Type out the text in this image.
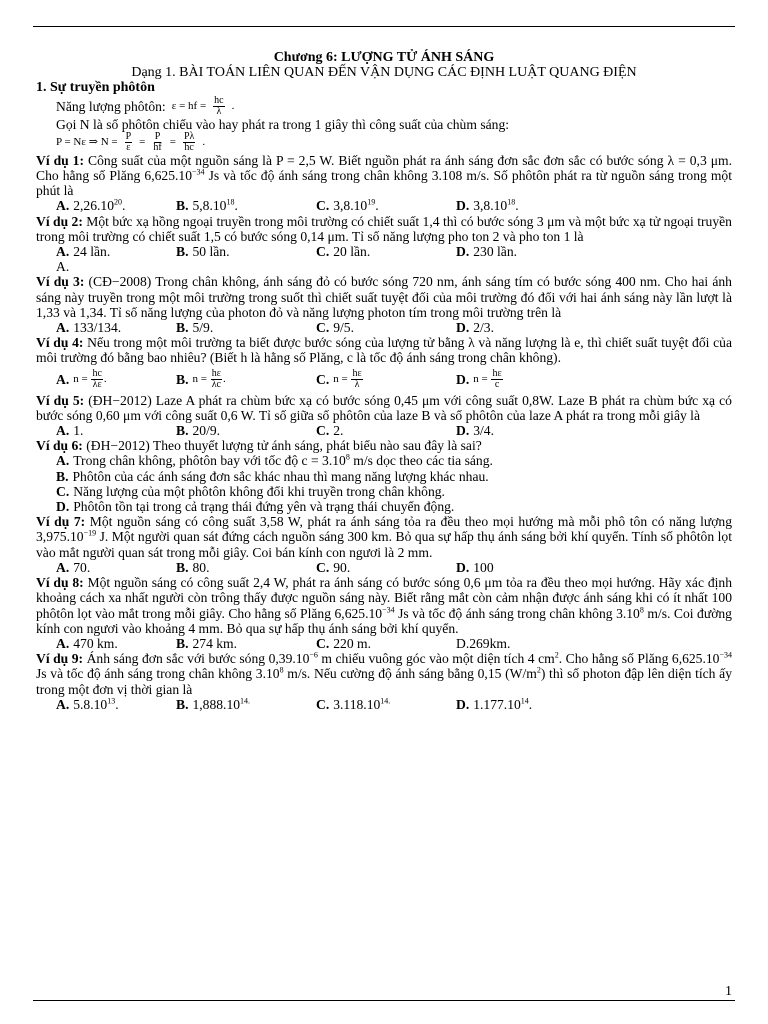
Chương 6: LƯỢNG TỬ ÁNH SÁNG
Dạng 1. BÀI TOÁN LIÊN QUAN ĐẾN VẬN DỤNG CÁC ĐỊNH LUẬT QUANG ĐIỆN
1. Sự truyền phôtôn
Năng lượng phôtôn: ε = hf = $\frac{hc}{\lambda}$ .
Gọi N là số phôtôn chiếu vào hay phát ra trong 1 giây thì công suất của chùm sáng:
P = Nε ⇒ $N = \frac{P}{\varepsilon} = \frac{P}{hf} = \frac{P\lambda}{hc}$ .
Ví dụ 1: Công suất của một nguồn sáng là P = 2,5 W. Biết nguồn phát ra ánh sáng đơn sắc đơn sắc có bước sóng λ = 0,3 μm. Cho hằng số Plăng $6,625.10^{-34}$ Js và tốc độ ánh sáng trong chân không 3.108 m/s. Số phôtôn phát ra từ nguồn sáng trong một phút là
A. 2,26.10$^{20}$.	B. 5,8.10$^{18}$.	C. 3,8.10$^{19}$.	D. 3,8.10$^{18}$.
Ví dụ 2: Một bức xạ hồng ngoại truyền trong môi trường có chiết suất 1,4 thì có bước sóng 3 μm và một bức xạ tử ngoại truyền trong môi trường có chiết suất 1,5 có bước sóng 0,14 μm. Tỉ số năng lượng pho ton 2 và pho ton 1 là
A. 24 lần.	B. 50 lần.	C. 20 lần.	D. 230 lần.
A.
Ví dụ 3: (CĐ−2008) Trong chân không, ánh sáng đỏ có bước sóng 720 nm, ánh sáng tím có bước sóng 400 nm. Cho hai ánh sáng này truyền trong một môi trường trong suốt thì chiết suất tuyệt đối của môi trường đó đối với hai ánh sáng này lần lượt là 1,33 và 1,34. Tỉ số năng lượng của photon đỏ và năng lượng photon tím trong môi trường trên là
A. 133/134.	B. 5/9.	C. 9/5.	D. 2/3.
Ví dụ 4: Nếu trong một môi trường ta biết được bước sóng của lượng tử bằng λ và năng lượng là e, thì chiết suất tuyệt đối của môi trường đó bằng bao nhiêu? (Biết h là hằng số Plăng, c là tốc độ ánh sáng trong chân không).
A. n =
$\frac{hc}{\lambda\varepsilon}$ .	B. n =
$\frac{h\varepsilon}{\lambda c}$ .	C. n =
$\frac{h\varepsilon}{\lambda}$	D. n =
$\frac{h\varepsilon}{c}$
Ví dụ 5: (ĐH−2012) Laze A phát ra chùm bức xạ có bước sóng 0,45 μm với công suất 0,8W. Laze B phát ra chùm bức xạ có bước sóng 0,60 μm với công suất 0,6 W. Tỉ số giữa số phôtôn của laze B và số phôtôn của laze A phát ra trong mỗi giây là
A. 1.	B. 20/9.	C. 2.	D. 3/4.
Ví dụ 6: (ĐH−2012) Theo thuyết lượng tử ánh sáng, phát biểu nào sau đây là sai?
A. Trong chân không, phôtôn bay với tốc độ $c = 3.10^8$ m/s dọc theo các tia sáng.
B. Phôtôn của các ánh sáng đơn sắc khác nhau thì mang năng lượng khác nhau.
C. Năng lượng của một phôtôn không đổi khi truyền trong chân không.
D. Phôtôn tồn tại trong cả trạng thái đứng yên và trạng thái chuyển động.
Ví dụ 7: Một nguồn sáng có công suất 3,58 W, phát ra ánh sáng tỏa ra đều theo mọi hướng mà mỗi phô tôn có năng lượng $3,975.10^{-19}$ J. Một người quan sát đứng cách nguồn sáng 300 km. Bỏ qua sự hấp thụ ánh sáng bởi khí quyển. Tính số phôtôn lọt vào mắt người quan sát trong mỗi giây. Coi bán kính con ngươi là 2 mm.
A. 70.	B. 80.	C. 90.	D. 100
Ví dụ 8: Một nguồn sáng có công suất 2,4 W, phát ra ánh sáng có bước sóng 0,6 μm tỏa ra đều theo mọi hướng. Hãy xác định khoảng cách xa nhất người còn trông thấy được nguồn sáng này. Biết rằng mắt còn cảm nhận được ánh sáng khi có ít nhất 100 phôtôn lọt vào mắt trong mỗi giây. Cho hằng số Plăng $6,625.10^{-34}$ Js và tốc độ ánh sáng trong chân không 3.10$^8$ m/s. Coi đường kính con ngươi vào khoảng 4 mm. Bỏ qua sự hấp thụ ánh sáng bởi khí quyển.
A. 470 km.	B. 274 km.	C. 220 m.	D.269km.
Ví dụ 9: Ánh sáng đơn sắc với bước sóng $0,39.10^{-6}$ m chiếu vuông góc vào một diện tích 4 $cm^2$. Cho hằng số Plăng $6,625.10^{-34}$ Js và tốc độ ánh sáng trong chân không 3.10$^8$ m/s. Nếu cường độ ánh sáng bằng 0,15 $(W/m^2)$ thì số photon đập lên diện tích ấy trong một đơn vị thời gian là
A. 5.8.10$^{13}$.	B. $1,888.10^{14.}$	C. $3.118.10^{14.}$	D. 1.177.10$^{14}$.
1
